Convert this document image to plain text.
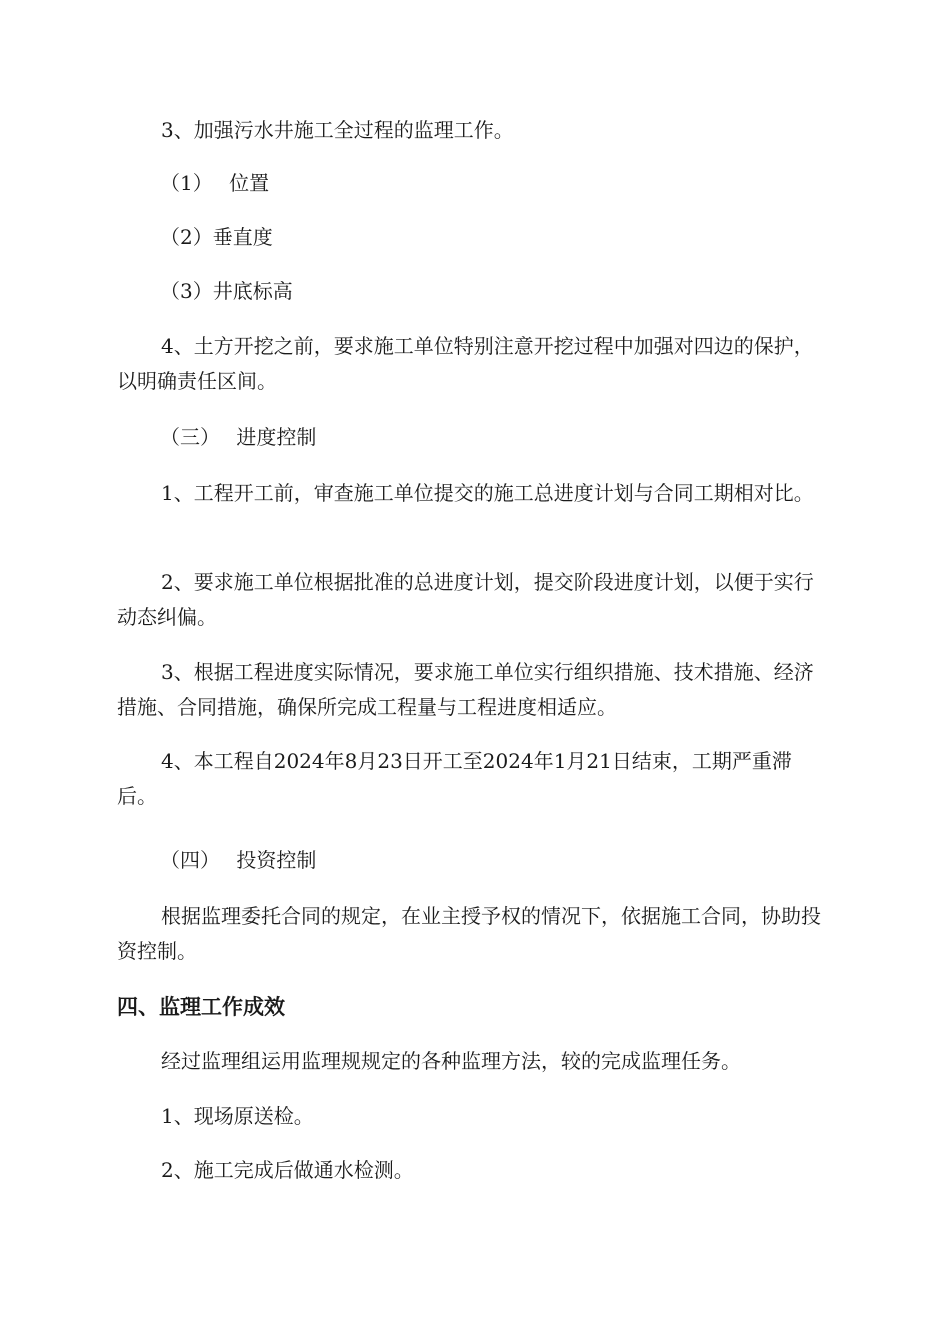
3、加强污水井施工全过程的监理工作。

（1）　 位置

（2）垂直度

（3）井底标高

4、土方开挖之前，要求施工单位特别注意开挖过程中加强对四边的保护，以明确责任区间。

（三）　 进度控制

1、工程开工前，审查施工单位提交的施工总进度计划与合同工期相对比。

2、要求施工单位根据批准的总进度计划，提交阶段进度计划，以便于实行动态纠偏。

3、根据工程进度实际情况，要求施工单位实行组织措施、技术措施、经济措施、合同措施，确保所完成工程量与工程进度相适应。

4、本工程自2024年8月23日开工至2024年1月21日结束，工期严重滞后。

（四）　 投资控制

根据监理委托合同的规定，在业主授予权的情况下，依据施工合同，协助投资控制。

四、监理工作成效

经过监理组运用监理规规定的各种监理方法，较的完成监理任务。

1、现场原送检。

2、施工完成后做通水检测。
